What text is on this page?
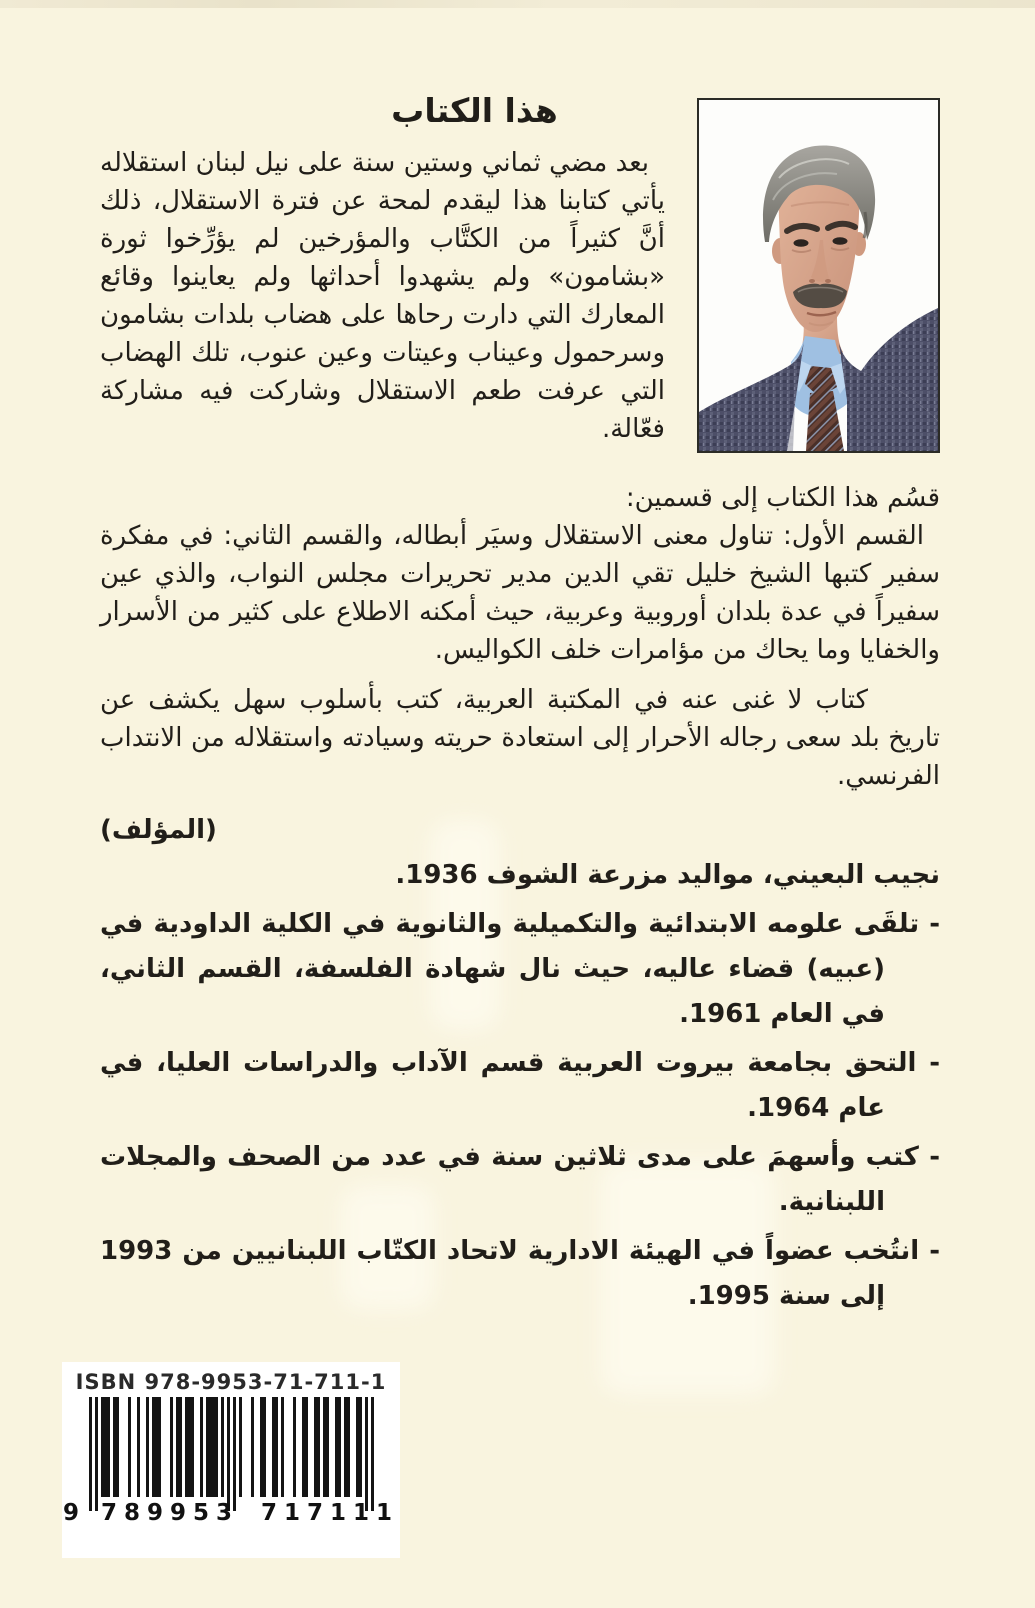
هذا الكتاب

بعد مضي ثماني وستين سنة على نيل لبنان استقلاله يأتي كتابنا هذا ليقدم لمحة عن فترة الاستقلال، ذلك أنَّ كثيراً من الكتَّاب والمؤرخين لم يؤرِّخوا ثورة «بشامون» ولم يشهدوا أحداثها ولم يعاينوا وقائع المعارك التي دارت رحاها على هضاب بلدات بشامون وسرحمول وعيناب وعيتات وعين عنوب، تلك الهضاب التي عرفت طعم الاستقلال وشاركت فيه مشاركة فعّالة.

قسُم هذا الكتاب إلى قسمين:

القسم الأول: تناول معنى الاستقلال وسيَر أبطاله، والقسم الثاني: في مفكرة سفير كتبها الشيخ خليل تقي الدين مدير تحريرات مجلس النواب، والذي عين سفيراً في عدة بلدان أوروبية وعربية، حيث أمكنه الاطلاع على كثير من الأسرار والخفايا وما يحاك من مؤامرات خلف الكواليس.

كتاب لا غنى عنه في المكتبة العربية، كتب بأسلوب سهل يكشف عن تاريخ بلد سعى رجاله الأحرار إلى استعادة حريته وسيادته واستقلاله من الانتداب الفرنسي.

(المؤلف)
نجيب البعيني، مواليد مزرعة الشوف 1936.
- تلقَى علومه الابتدائية والتكميلية والثانوية في الكلية الداودية في (عبيه) قضاء عاليه، حيث نال شهادة الفلسفة، القسم الثاني، في العام 1961.
- التحق بجامعة بيروت العربية قسم الآداب والدراسات العليا، في عام 1964.
- كتب وأسهمَ على مدى ثلاثين سنة في عدد من الصحف والمجلات اللبنانية.
- انتُخب عضواً في الهيئة الادارية لاتحاد الكتّاب اللبنانيين من 1993 إلى سنة 1995.
ISBN 978-9953-71-711-1
9 789953 717111
